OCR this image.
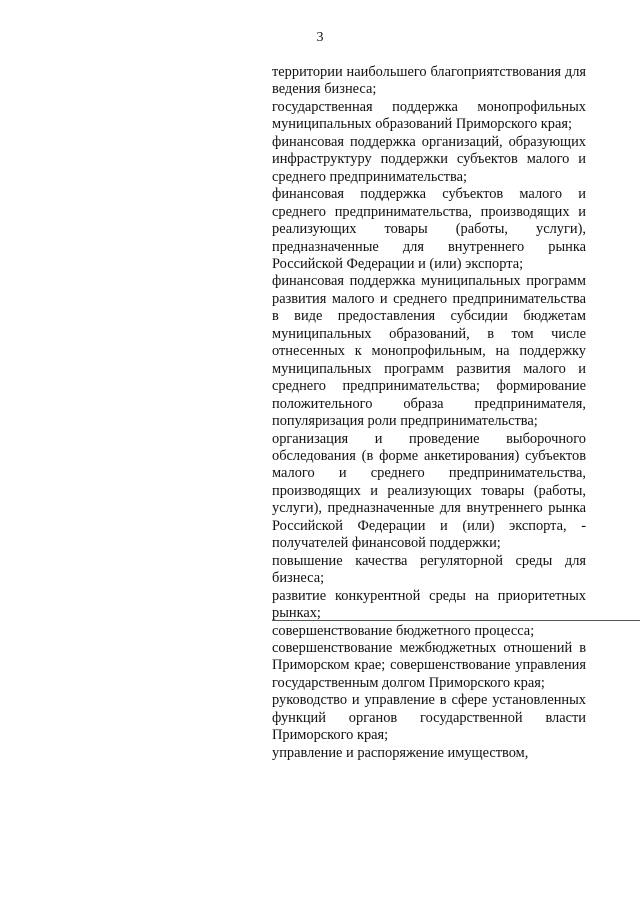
3
территории наибольшего благоприятствования для ведения бизнеса;
государственная поддержка монопрофильных муниципальных образований Приморского края;
финансовая поддержка организаций, образующих инфраструктуру поддержки субъектов малого и среднего предпринимательства;
финансовая поддержка субъектов малого и среднего предпринимательства, производящих и реализующих товары (работы, услуги), предназначенные для внутреннего рынка Российской Федерации и (или) экспорта;
финансовая поддержка муниципальных программ развития малого и среднего предпринимательства в виде предоставления субсидии бюджетам муниципальных образований, в том числе отнесенных к монопрофильным, на поддержку муниципальных программ развития малого и среднего предпринимательства; формирование положительного образа предпринимателя, популяризация роли предпринимательства;
организация и проведение выборочного обследования (в форме анкетирования) субъектов малого и среднего предпринимательства, производящих и реализующих товары (работы, услуги), предназначенные для внутреннего рынка Российской Федерации и (или) экспорта, - получателей финансовой поддержки;
повышение качества регуляторной среды для бизнеса;
развитие конкурентной среды на приоритетных рынках;
совершенствование бюджетного процесса;
совершенствование межбюджетных отношений в Приморском крае; совершенствование управления государственным долгом Приморского края;
руководство и управление в сфере установленных функций органов государственной власти Приморского края;
управление и распоряжение имуществом,
